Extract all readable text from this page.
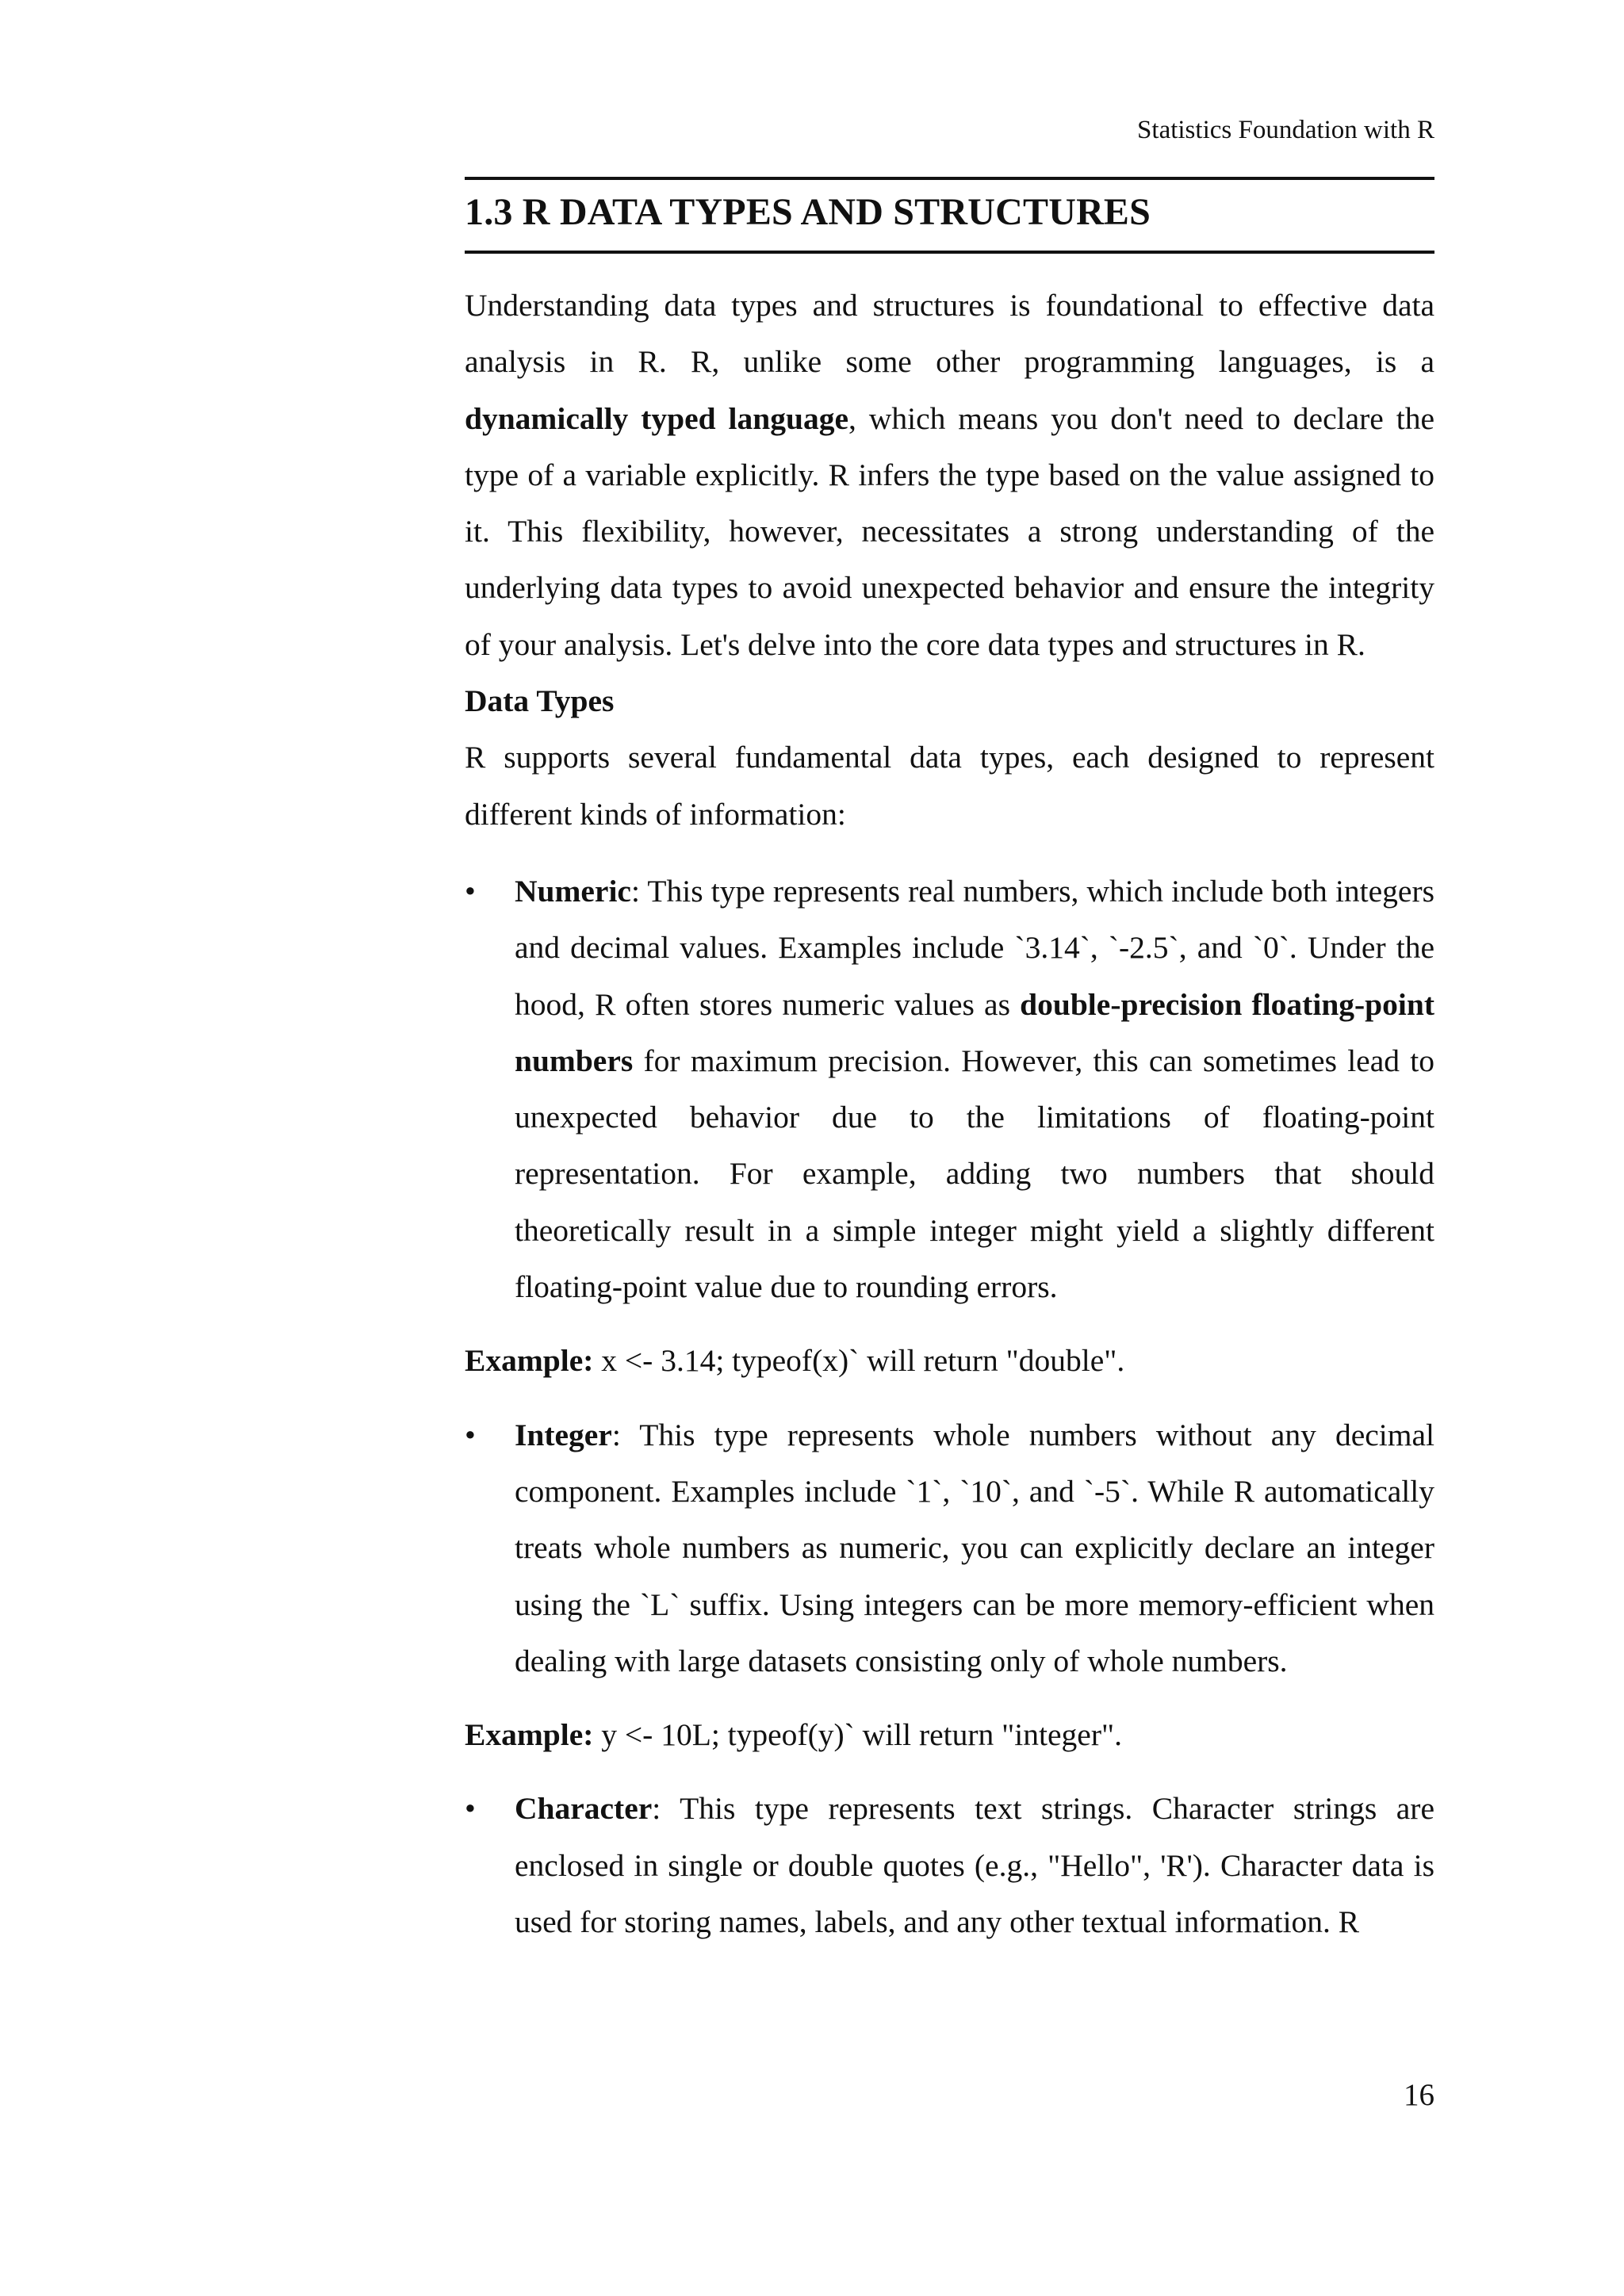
Statistics Foundation with R
1.3 R DATA TYPES AND STRUCTURES

Understanding data types and structures is foundational to effective data analysis in R. R, unlike some other programming languages, is a dynamically typed language, which means you don't need to declare the type of a variable explicitly. R infers the type based on the value assigned to it. This flexibility, however, necessitates a strong understanding of the underlying data types to avoid unexpected behavior and ensure the integrity of your analysis. Let's delve into the core data types and structures in R.

Data Types

R supports several fundamental data types, each designed to represent different kinds of information:

•	Numeric: This type represents real numbers, which include both integers and decimal values. Examples include `3.14`, `-2.5`, and `0`. Under the hood, R often stores numeric values as double-precision floating-point numbers for maximum precision. However, this can sometimes lead to unexpected behavior due to the limitations of floating-point representation. For example, adding two numbers that should theoretically result in a simple integer might yield a slightly different floating-point value due to rounding errors.

Example: x <- 3.14; typeof(x)` will return "double".

•	Integer: This type represents whole numbers without any decimal component. Examples include `1`, `10`, and `-5`. While R automatically treats whole numbers as numeric, you can explicitly declare an integer using the `L` suffix. Using integers can be more memory-efficient when dealing with large datasets consisting only of whole numbers.

Example: y <- 10L; typeof(y)` will return "integer".

•	Character: This type represents text strings. Character strings are enclosed in single or double quotes (e.g., "Hello", 'R'). Character data is used for storing names, labels, and any other textual information. R
16
